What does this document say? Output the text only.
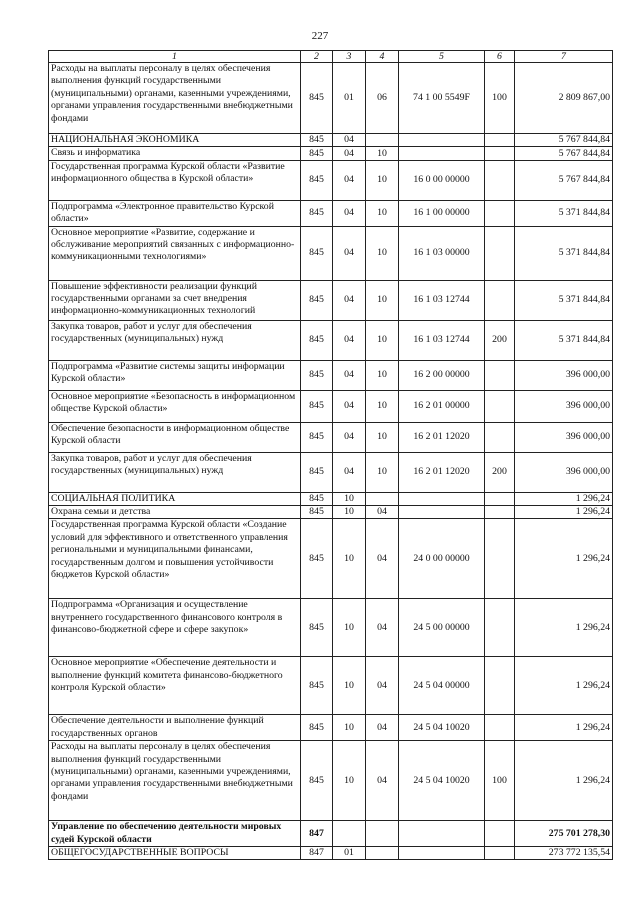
227
1	2	3	4	5	6	7
Расходы на выплаты персоналу в целях обеспечения выполнения функций государственными (муниципальными) органами, казенными учреждениями, органами управления государственными внебюджетными фондами	845	01	06	74 1 00 5549F	100	2 809 867,00
НАЦИОНАЛЬНАЯ ЭКОНОМИКА	845	04				5 767 844,84
Связь и информатика	845	04	10			5 767 844,84
Государственная программа Курской области «Развитие информационного общества в Курской области»	845	04	10	16 0 00 00000		5 767 844,84
Подпрограмма «Электронное правительство Курской области»	845	04	10	16 1 00 00000		5 371 844,84
Основное мероприятие «Развитие, содержание и обслуживание мероприятий связанных с информационно-коммуникационными технологиями»	845	04	10	16 1 03 00000		5 371 844,84
Повышение эффективности реализации функций государственными органами за счет внедрения информационно-коммуникационных технологий	845	04	10	16 1 03 12744		5 371 844,84
Закупка товаров, работ и услуг для обеспечения государственных (муниципальных) нужд	845	04	10	16 1 03 12744	200	5 371 844,84
Подпрограмма «Развитие системы защиты информации Курской области»	845	04	10	16 2 00 00000		396 000,00
Основное мероприятие «Безопасность в информационном обществе Курской области»	845	04	10	16 2 01 00000		396 000,00
Обеспечение безопасности в информационном обществе Курской области	845	04	10	16 2 01 12020		396 000,00
Закупка товаров, работ и услуг для обеспечения государственных (муниципальных) нужд	845	04	10	16 2 01 12020	200	396 000,00
СОЦИАЛЬНАЯ ПОЛИТИКА	845	10				1 296,24
Охрана семьи и детства	845	10	04			1 296,24
Государственная программа Курской области «Создание условий для эффективного и ответственного управления региональными и муниципальными финансами, государственным долгом и повышения устойчивости бюджетов Курской области»	845	10	04	24 0 00 00000		1 296,24
Подпрограмма «Организация и осуществление внутреннего государственного финансового контроля в финансово-бюджетной сфере и сфере закупок»	845	10	04	24 5 00 00000		1 296,24
Основное мероприятие «Обеспечение деятельности и выполнение функций комитета финансово-бюджетного контроля Курской области»	845	10	04	24 5 04 00000		1 296,24
Обеспечение деятельности и выполнение функций государственных органов	845	10	04	24 5 04 10020		1 296,24
Расходы на выплаты персоналу в целях обеспечения выполнения функций государственными (муниципальными) органами, казенными учреждениями, органами управления государственными внебюджетными фондами	845	10	04	24 5 04 10020	100	1 296,24
Управление по обеспечению деятельности мировых судей Курской области	847					275 701 278,30
ОБЩЕГОСУДАРСТВЕННЫЕ ВОПРОСЫ	847	01				273 772 135,54
